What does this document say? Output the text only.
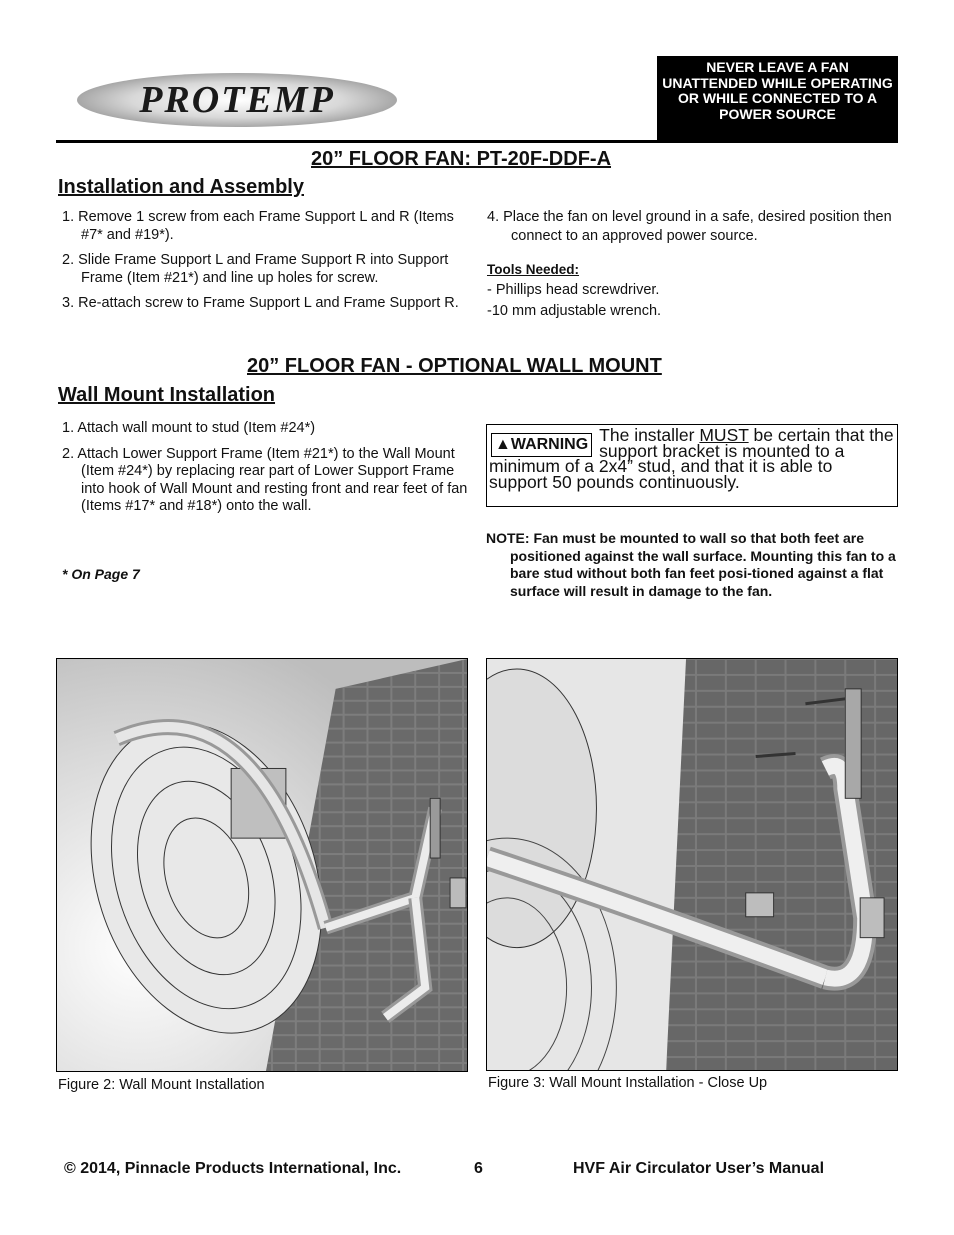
PROTEMP
NEVER LEAVE A FAN UNATTENDED WHILE OPERATING OR WHILE CONNECTED TO A POWER SOURCE
20” FLOOR FAN: PT-20F-DDF-A
Installation and Assembly
1. Remove 1 screw from each Frame Support L and R (Items #7* and #19*).
2. Slide Frame Support L and Frame Support R into Support Frame (Item #21*) and line up holes for screw.
3. Re-attach screw to Frame Support L and Frame Support R.
4. Place the fan on level ground in a safe, desired position then connect to an approved power source.
Tools Needed:
- Phillips head screwdriver.
-10 mm adjustable wrench.
20” FLOOR FAN - OPTIONAL WALL MOUNT
Wall Mount Installation
1. Attach wall mount to stud (Item #24*)
2. Attach Lower Support Frame (Item #21*) to the Wall Mount (Item #24*) by replacing rear part of Lower Support Frame into hook of Wall Mount and resting front and rear feet of fan (Items #17* and #18*) onto the wall.
* On Page 7
▲WARNING The installer MUST be certain that the support bracket is mounted to a minimum of a 2x4” stud, and that it is able to support 50 pounds continuously.
NOTE: Fan must be mounted to wall so that both feet are positioned against the wall surface. Mounting this fan to a bare stud without both fan feet posi-tioned against a flat surface will result in damage to the fan.
Figure 2: Wall Mount Installation	Figure 3: Wall Mount Installation - Close Up
© 2014, Pinnacle Products International, Inc.	6	HVF Air Circulator User’s Manual
